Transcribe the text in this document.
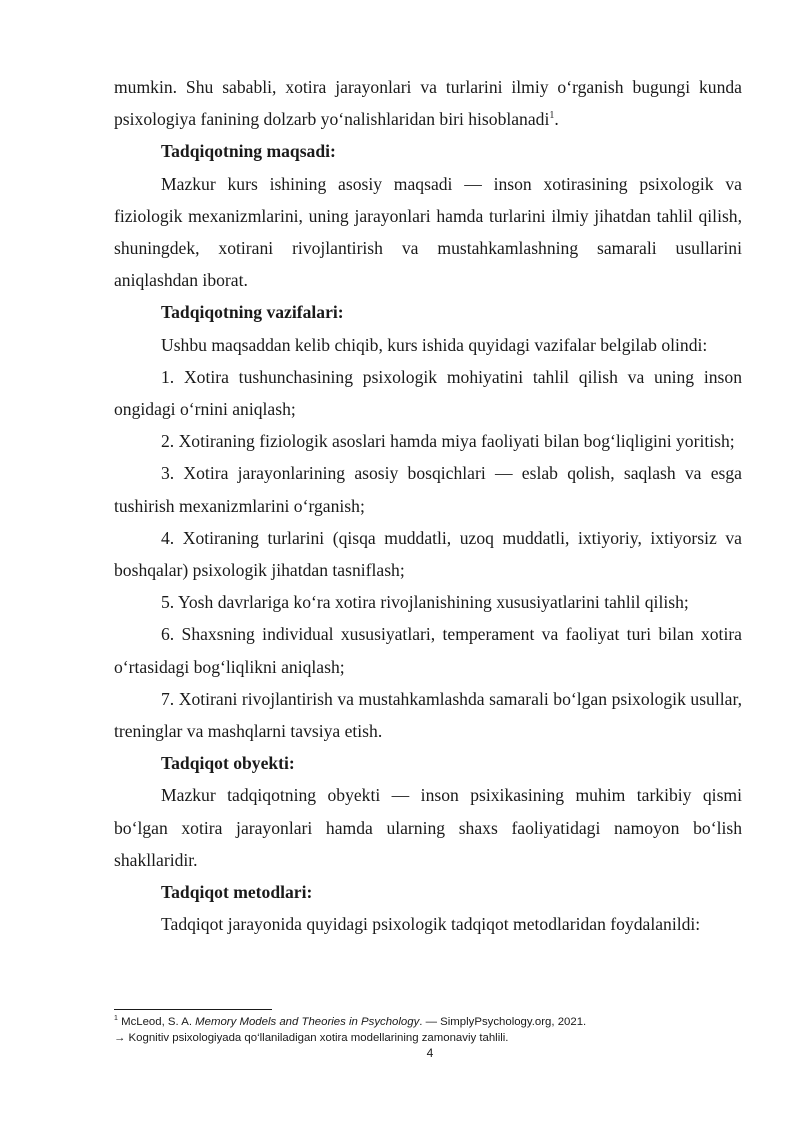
mumkin. Shu sababli, xotira jarayonlari va turlarini ilmiy o‘rganish bugungi kunda psixologiya fanining dolzarb yo‘nalishlaridan biri hisoblanadi$^1$.

Tadqiqotning maqsadi:

Mazkur kurs ishining asosiy maqsadi — inson xotirasining psixologik va fiziologik mexanizmlarini, uning jarayonlari hamda turlarini ilmiy jihatdan tahlil qilish, shuningdek, xotirani rivojlantirish va mustahkamlashning samarali usullarini aniqlashdan iborat.

Tadqiqotning vazifalari:

Ushbu maqsaddan kelib chiqib, kurs ishida quyidagi vazifalar belgilab olindi:

1. Xotira tushunchasining psixologik mohiyatini tahlil qilish va uning inson ongidagi o‘rnini aniqlash;

2. Xotiraning fiziologik asoslari hamda miya faoliyati bilan bog‘liqligini yoritish;

3. Xotira jarayonlarining asosiy bosqichlari — eslab qolish, saqlash va esga tushirish mexanizmlarini o‘rganish;

4. Xotiraning turlarini (qisqa muddatli, uzoq muddatli, ixtiyoriy, ixtiyorsiz va boshqalar) psixologik jihatdan tasniflash;

5. Yosh davrlariga ko‘ra xotira rivojlanishining xususiyatlarini tahlil qilish;

6. Shaxsning individual xususiyatlari, temperament va faoliyat turi bilan xotira o‘rtasidagi bog‘liqlikni aniqlash;

7. Xotirani rivojlantirish va mustahkamlashda samarali bo‘lgan psixologik usullar, treninglar va mashqlarni tavsiya etish.

Tadqiqot obyekti:

Mazkur tadqiqotning obyekti — inson psixikasining muhim tarkibiy qismi bo‘lgan xotira jarayonlari hamda ularning shaxs faoliyatidagi namoyon bo‘lish shakllaridir.

Tadqiqot metodlari:

Tadqiqot jarayonida quyidagi psixologik tadqiqot metodlaridan foydalanildi:

$^1$ McLeod, S. A. Memory Models and Theories in Psychology. — SimplyPsychology.org, 2021.

→ Kognitiv psixologiyada qo‘llaniladigan xotira modellarining zamonaviy tahlili.

4
